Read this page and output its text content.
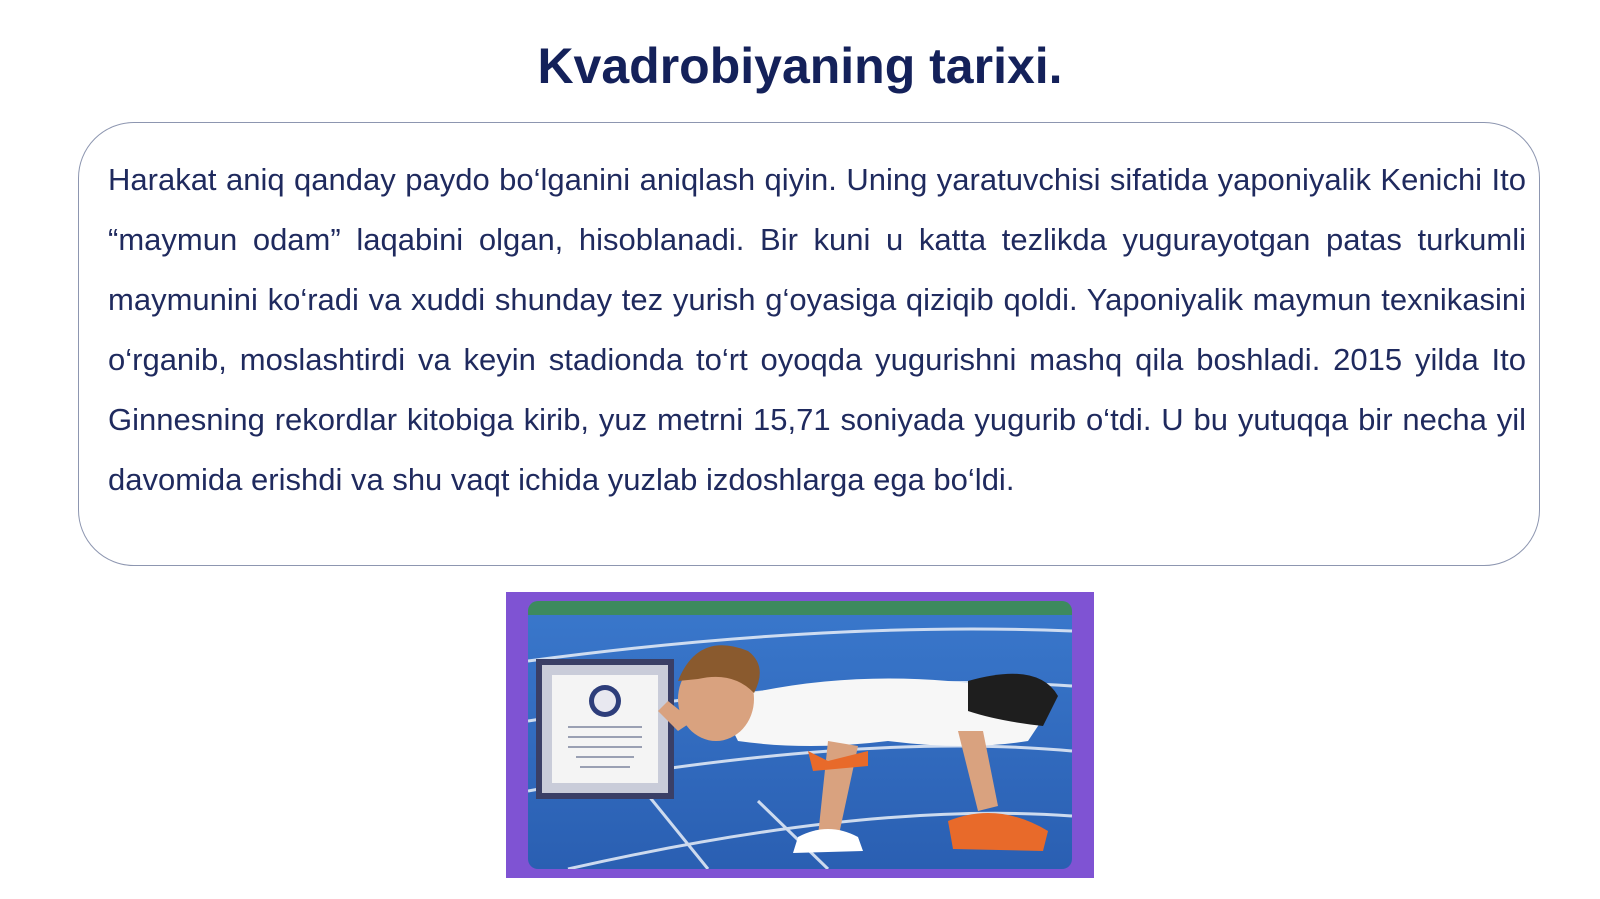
Kvadrobiyaning tarixi.

Harakat aniq qanday paydo bo‘lganini aniqlash qiyin. Uning yaratuvchisi sifatida yaponiyalik Kenichi Ito “maymun odam” laqabini olgan, hisoblanadi. Bir kuni u katta tezlikda yugurayotgan patas turkumli maymunini ko‘radi va xuddi shunday tez yurish g‘oyasiga qiziqib qoldi. Yaponiyalik maymun texnikasini o‘rganib, moslashtirdi va keyin stadionda to‘rt oyoqda yugurishni mashq qila boshladi. 2015 yilda Ito Ginnesning rekordlar kitobiga kirib, yuz metrni 15,71 soniyada yugurib o‘tdi. U bu yutuqqa bir necha yil davomida erishdi va shu vaqt ichida yuzlab izdoshlarga ega bo‘ldi.
